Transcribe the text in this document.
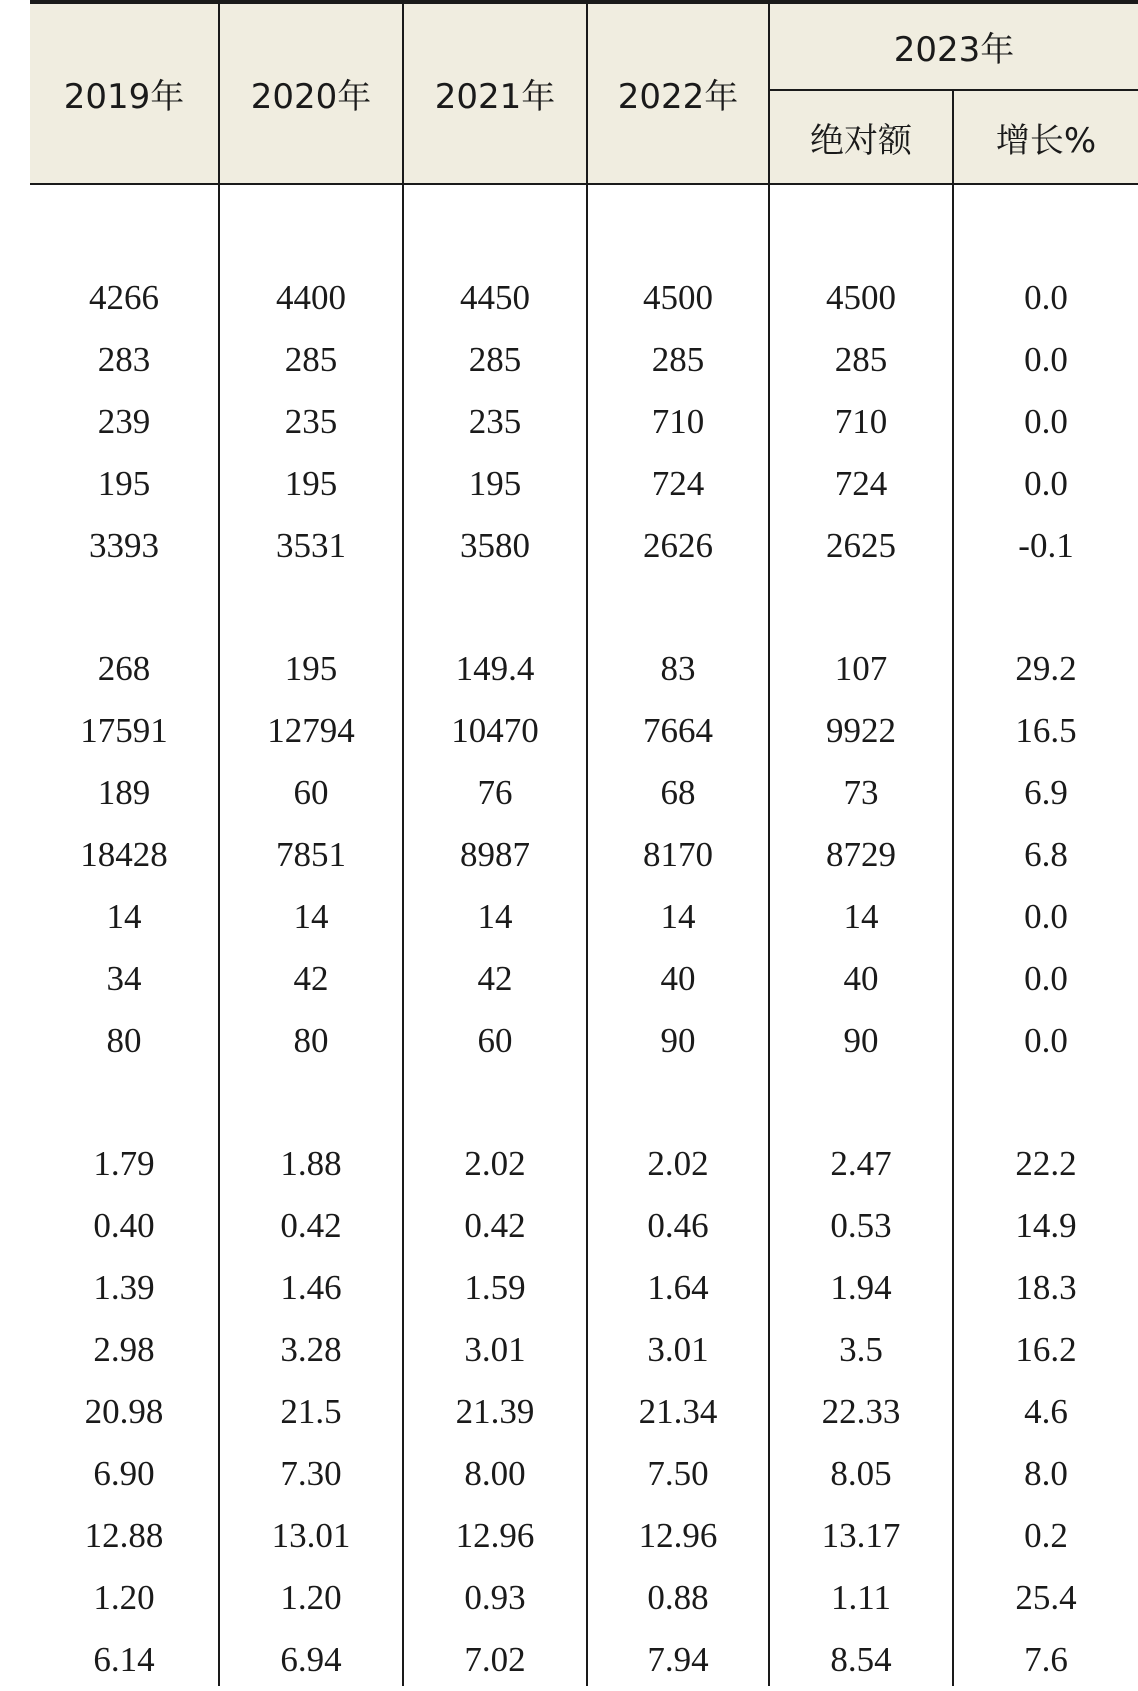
2019年	2020年	2021年	2022年
2023年
绝对额	增长%
4266	4400	4450	4500	4500	0.0
283	285	285	285	285	0.0
239	235	235	710	710	0.0
195	195	195	724	724	0.0
3393	3531	3580	2626	2625	-0.1
268	195	149.4	83	107	29.2
17591	12794	10470	7664	9922	16.5
189	60	76	68	73	6.9
18428	7851	8987	8170	8729	6.8
14	14	14	14	14	0.0
34	42	42	40	40	0.0
80	80	60	90	90	0.0
1.79	1.88	2.02	2.02	2.47	22.2
0.40	0.42	0.42	0.46	0.53	14.9
1.39	1.46	1.59	1.64	1.94	18.3
2.98	3.28	3.01	3.01	3.5	16.2
20.98	21.5	21.39	21.34	22.33	4.6
6.90	7.30	8.00	7.50	8.05	8.0
12.88	13.01	12.96	12.96	13.17	0.2
1.20	1.20	0.93	0.88	1.11	25.4
6.14	6.94	7.02	7.94	8.54	7.6
